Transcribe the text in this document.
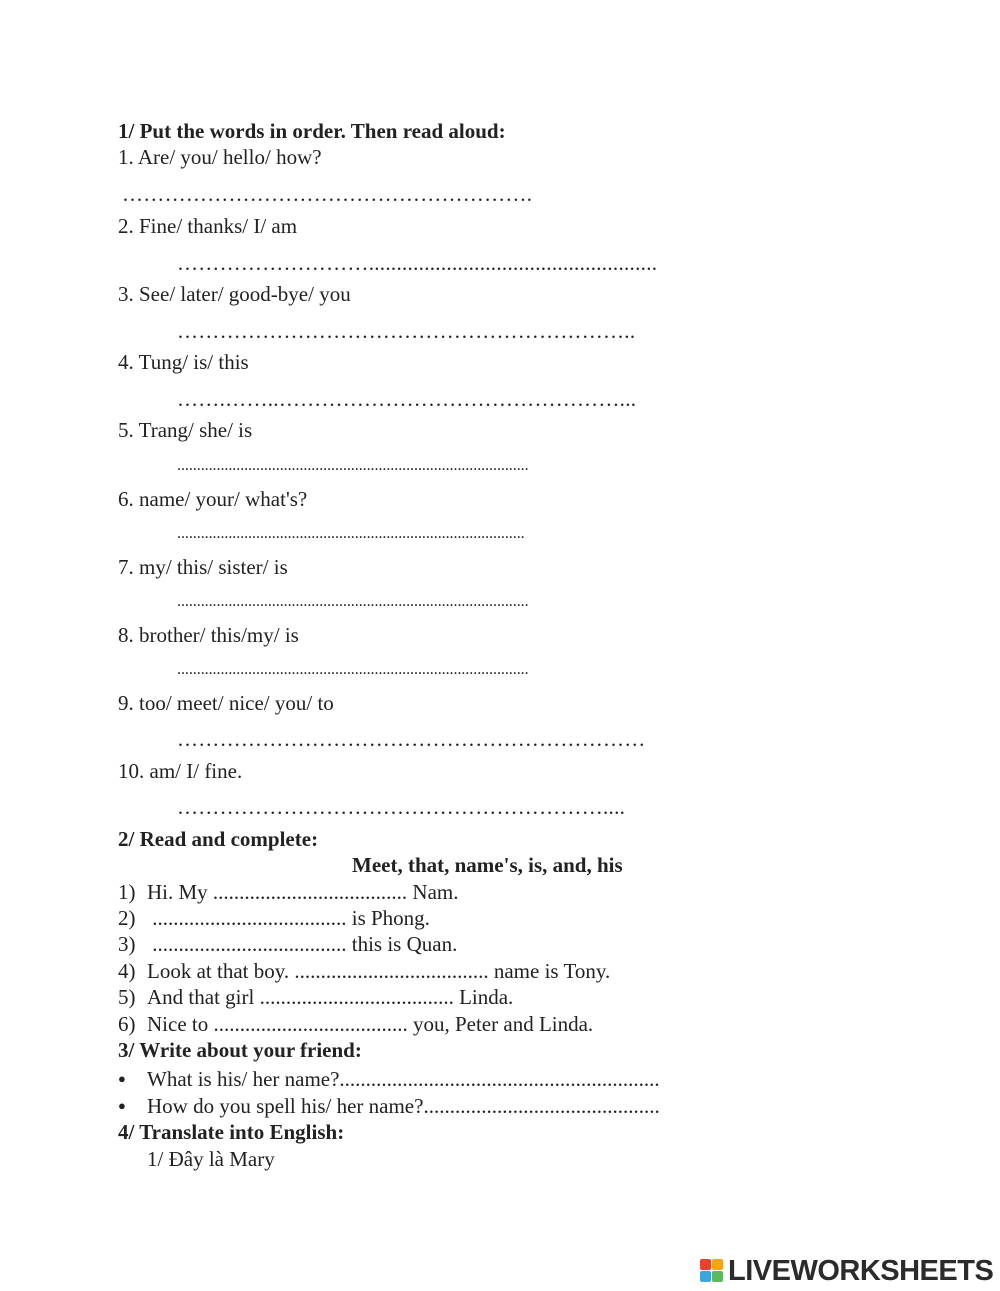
1/ Put the words in order. Then read aloud:
1. Are/ you/ hello/ how?
………………………………………………….
2. Fine/ thanks/ I/ am
………………………....................................................
3. See/ later/ good-bye/ you
………………………………………………………..
4. Tung/ is/ this
…….……..…………………………………………...
5. Trang/ she/ is
.........................................................................................
6. name/ your/ what's?
........................................................................................
7. my/ this/ sister/ is
.........................................................................................
8. brother/ this/my/ is
.........................................................................................
9. too/ meet/ nice/ you/ to
…………………………………………………………
10. am/ I/ fine.
……………………………………………………....
2/ Read and complete:
Meet, that, name's, is, and, his
1) Hi. My ..................................... Nam.
2) ..................................... is Phong.
3) ..................................... this is Quan.
4) Look at that boy. ..................................... name is Tony.
5) And that girl ..................................... Linda.
6) Nice to ..................................... you, Peter and Linda.
3/ Write about your friend:
● What is his/ her name?.............................................................
● How do you spell his/ her name?.............................................
4/ Translate into English:
1/ Đây là Mary
LIVEWORKSHEETS
